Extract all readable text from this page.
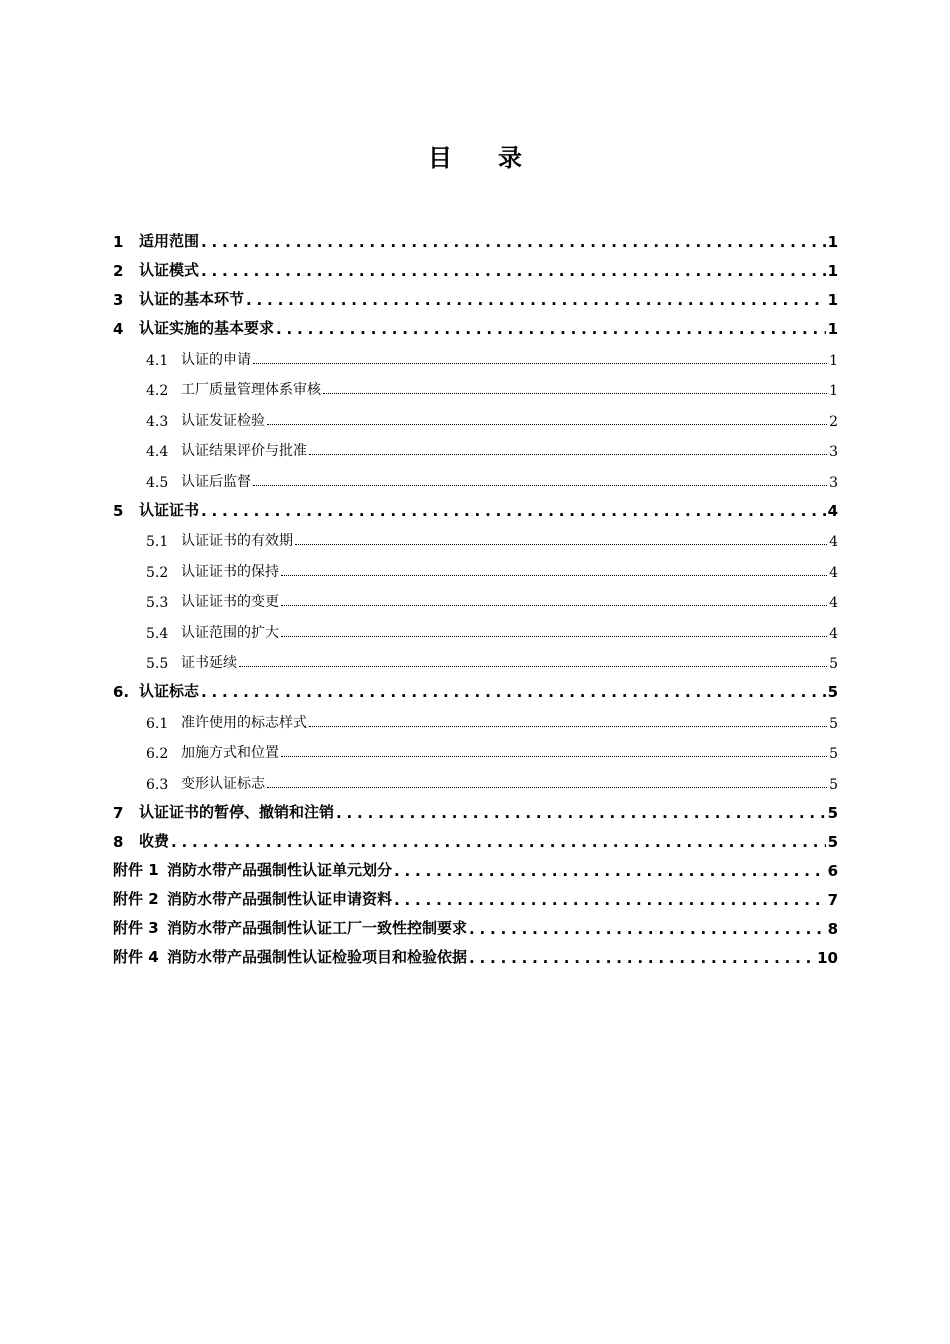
目 录
1	适用范围 . . .	1
2	认证模式 . . .	1
3	认证的基本环节 . . .	1
4	认证实施的基本要求 . . .	1
4.1 认证的申请	1
4.2 工厂质量管理体系审核	1
4.3 认证发证检验	2
4.4 认证结果评价与批准	3
4.5 认证后监督	3
5	认证证书 . . .	4
5.1 认证证书的有效期	4
5.2 认证证书的保持	4
5.3 认证证书的变更	4
5.4 认证范围的扩大	4
5.5 证书延续	5
6. 认证标志 . . .	5
6.1 准许使用的标志样式	5
6.2 加施方式和位置	5
6.3 变形认证标志	5
7	认证证书的暂停、撤销和注销 . . .	5
8	收费 . . .	5
附件 1 消防水带产品强制性认证单元划分 . . .	6
附件 2 消防水带产品强制性认证申请资料 . . .	7
附件 3 消防水带产品强制性认证工厂一致性控制要求 . . .	8
附件 4 消防水带产品强制性认证检验项目和检验依据 . . .	10
